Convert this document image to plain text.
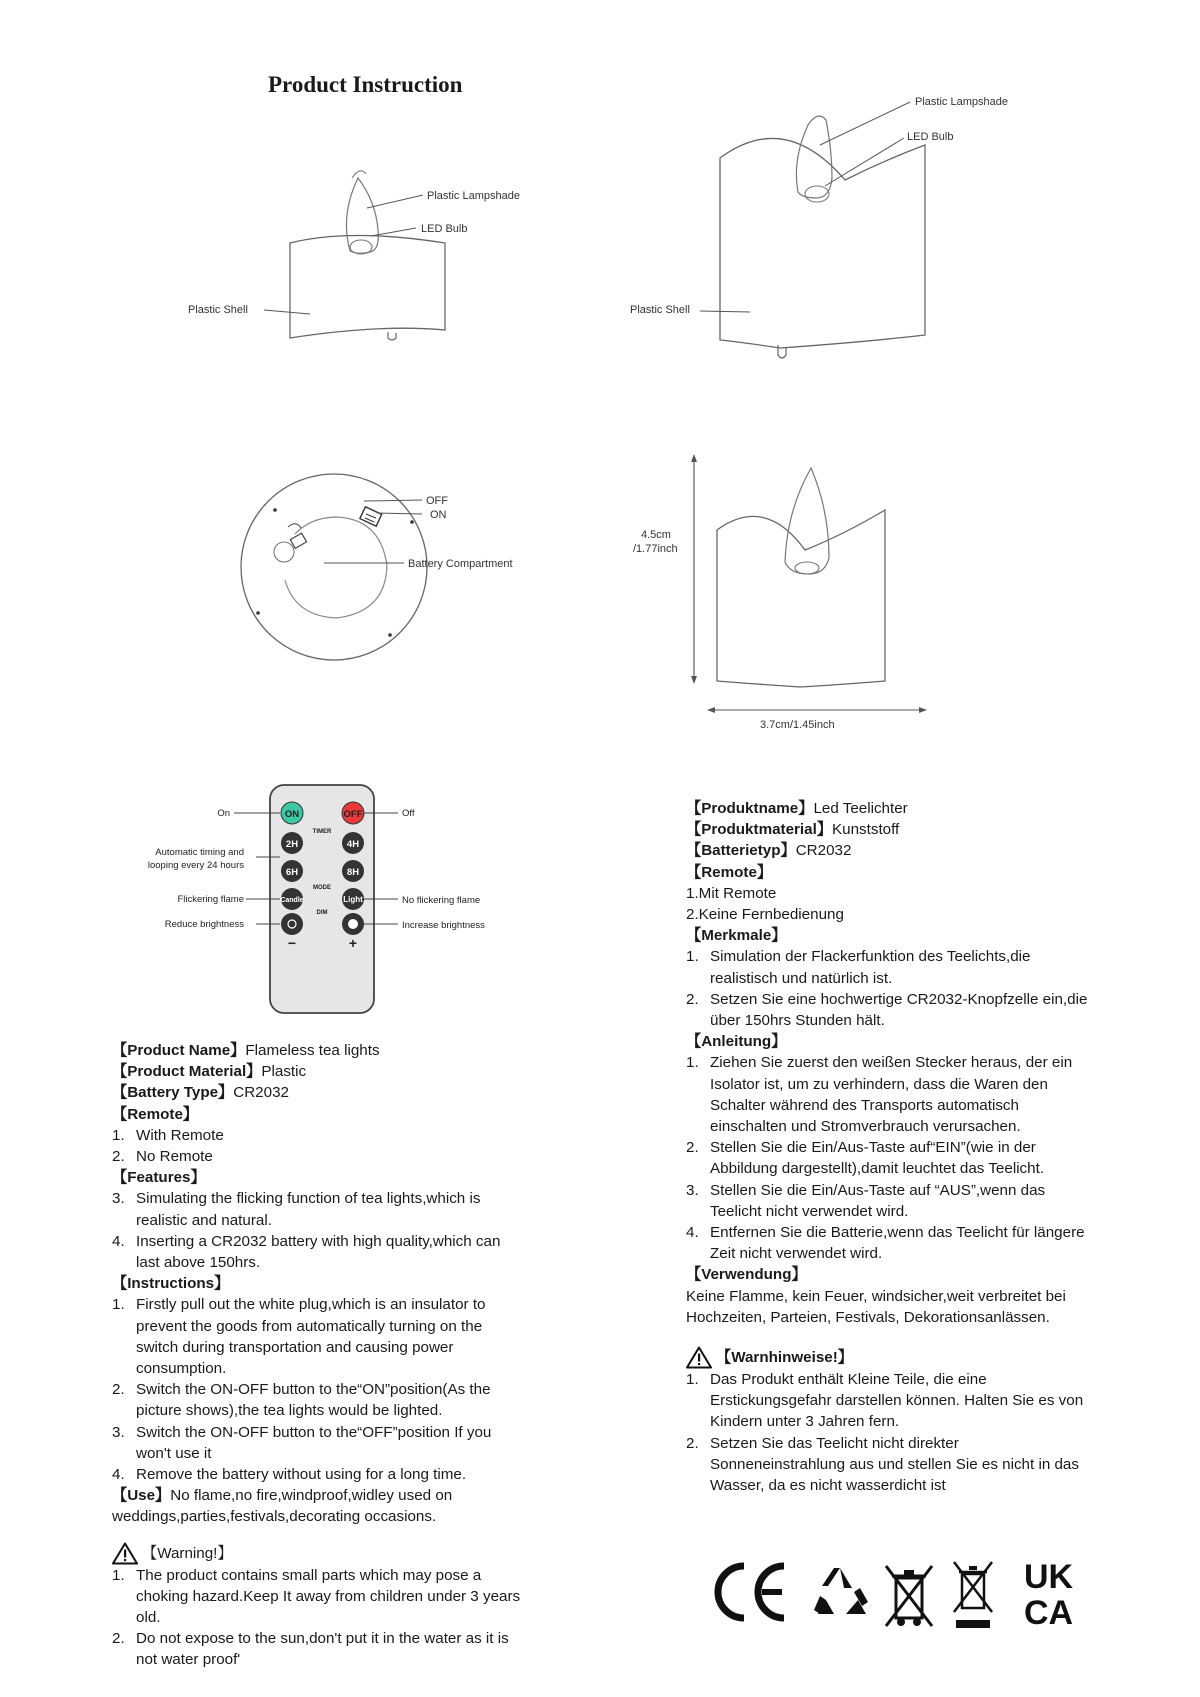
Product Instruction
Plastic Lampshade
LED Bulb
Plastic Shell
Plastic Lampshade
LED Bulb
Plastic Shell
OFF
ON
Battery Compartment
4.5cm
/1.77inch
3.7cm/1.45inch
ON	OFF
TIMER
2H	4H
6H	8H
MODE
Candle	Light
DIM
−	+
On	Off
Automatic timing and
looping every 24 hours
Flickering flame	No flickering flame
Reduce brightness	Increase brightness
【Product Name】Flameless tea lights
【Product Material】Plastic
【Battery Type】CR2032
【Remote】
1. With Remote
2. No Remote
【Features】
3. Simulating the flicking function of tea lights,which is realistic and natural.
4. Inserting a CR2032 battery with high quality,which can last above 150hrs.
【Instructions】
1. Firstly pull out the white plug,which is an insulator to prevent the goods from automatically turning on the switch during transportation and causing power consumption.
2. Switch the ON-OFF button to the“ON”position(As the picture shows),the tea lights would be lighted.
3. Switch the ON-OFF button to the“OFF”position If you won't use it
4. Remove the battery without using for a long time.
【Use】No flame,no fire,windproof,widley used on weddings,parties,festivals,decorating occasions.
【Warning!】
1. The product contains small parts which may pose a choking hazard.Keep It away from children under 3 years old.
2. Do not expose to the sun,don't put it in the water as it is not water proof'
【Produktname】Led Teelichter
【Produktmaterial】Kunststoff
【Batterietyp】CR2032
【Remote】
1.Mit Remote
2.Keine Fernbedienung
【Merkmale】
1. Simulation der Flackerfunktion des Teelichts,die realistisch und natürlich ist.
2. Setzen Sie eine hochwertige CR2032-Knopfzelle ein,die über 150hrs Stunden hält.
【Anleitung】
1. Ziehen Sie zuerst den weißen Stecker heraus, der ein Isolator ist, um zu verhindern, dass die Waren den Schalter während des Transports automatisch einschalten und Stromverbrauch verursachen.
2. Stellen Sie die Ein/Aus-Taste auf“EIN”(wie in der Abbildung dargestellt),damit leuchtet das Teelicht.
3. Stellen Sie die Ein/Aus-Taste auf “AUS”,wenn das Teelicht nicht verwendet wird.
4. Entfernen Sie die Batterie,wenn das Teelicht für längere Zeit nicht verwendet wird.
【Verwendung】
Keine Flamme, kein Feuer, windsicher,weit verbreitet bei Hochzeiten, Parteien, Festivals, Dekorationsanlässen.
【Warnhinweise!】
1. Das Produkt enthält Kleine Teile, die eine Erstickungsgefahr darstellen können. Halten Sie es von Kindern unter 3 Jahren fern.
2. Setzen Sie das Teelicht nicht direkter Sonneneinstrahlung aus und stellen Sie es nicht in das Wasser, da es nicht wasserdicht ist
CE
UK
CA
